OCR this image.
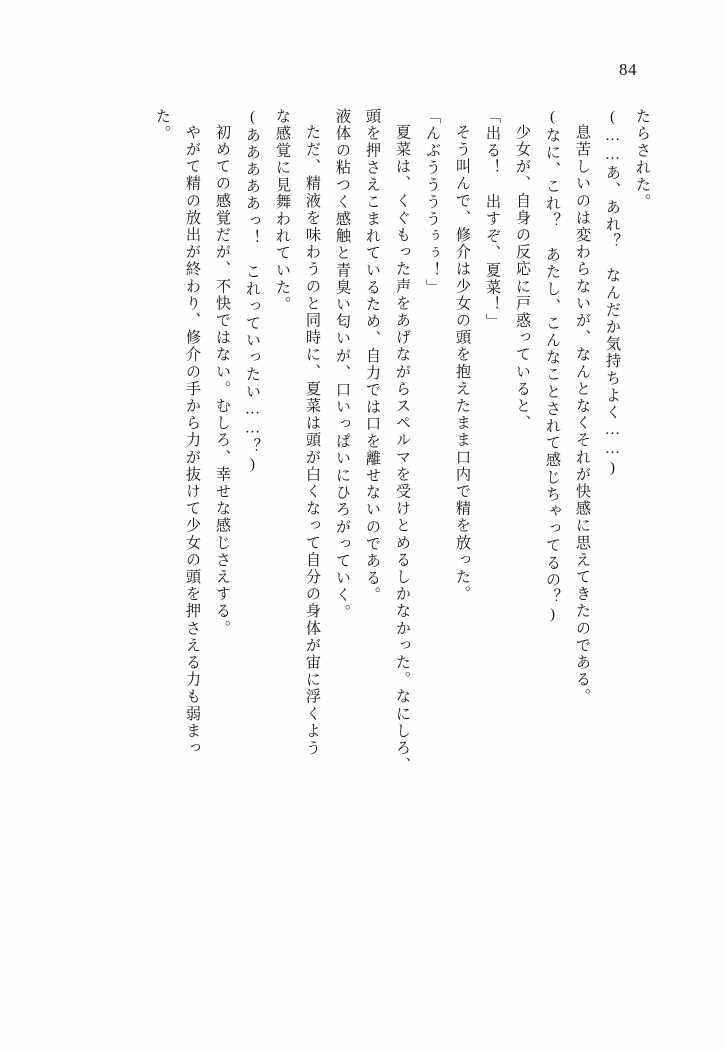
84
たらされた。
(……あ、あれ？　なんだか気持ちよく……)
息苦しいのは変わらないが、なんとなくそれが快感に思えてきたのである。
(なに、これ？　あたし、こんなことされて感じちゃってるの？)
少女が、自身の反応に戸惑っていると、
「出る！　出すぞ、夏菜！」
そう叫んで、修介は少女の頭を抱えたまま口内で精を放った。
「んぶううううぅぅ！」
夏菜は、くぐもった声をあげながらスペルマを受けとめるしかなかった。なにしろ、
頭を押さえこまれているため、自力では口を離せないのである。
液体の粘つく感触と青臭い匂いが、口いっぱいにひろがっていく。
ただ、精液を味わうのと同時に、夏菜は頭が白くなって自分の身体が宙に浮くよう
な感覚に見舞われていた。
(あああああっ！　これっていったい……？)
初めての感覚だが、不快ではない。むしろ、幸せな感じさえする。
やがて精の放出が終わり、修介の手から力が抜けて少女の頭を押さえる力も弱まっ
た。
